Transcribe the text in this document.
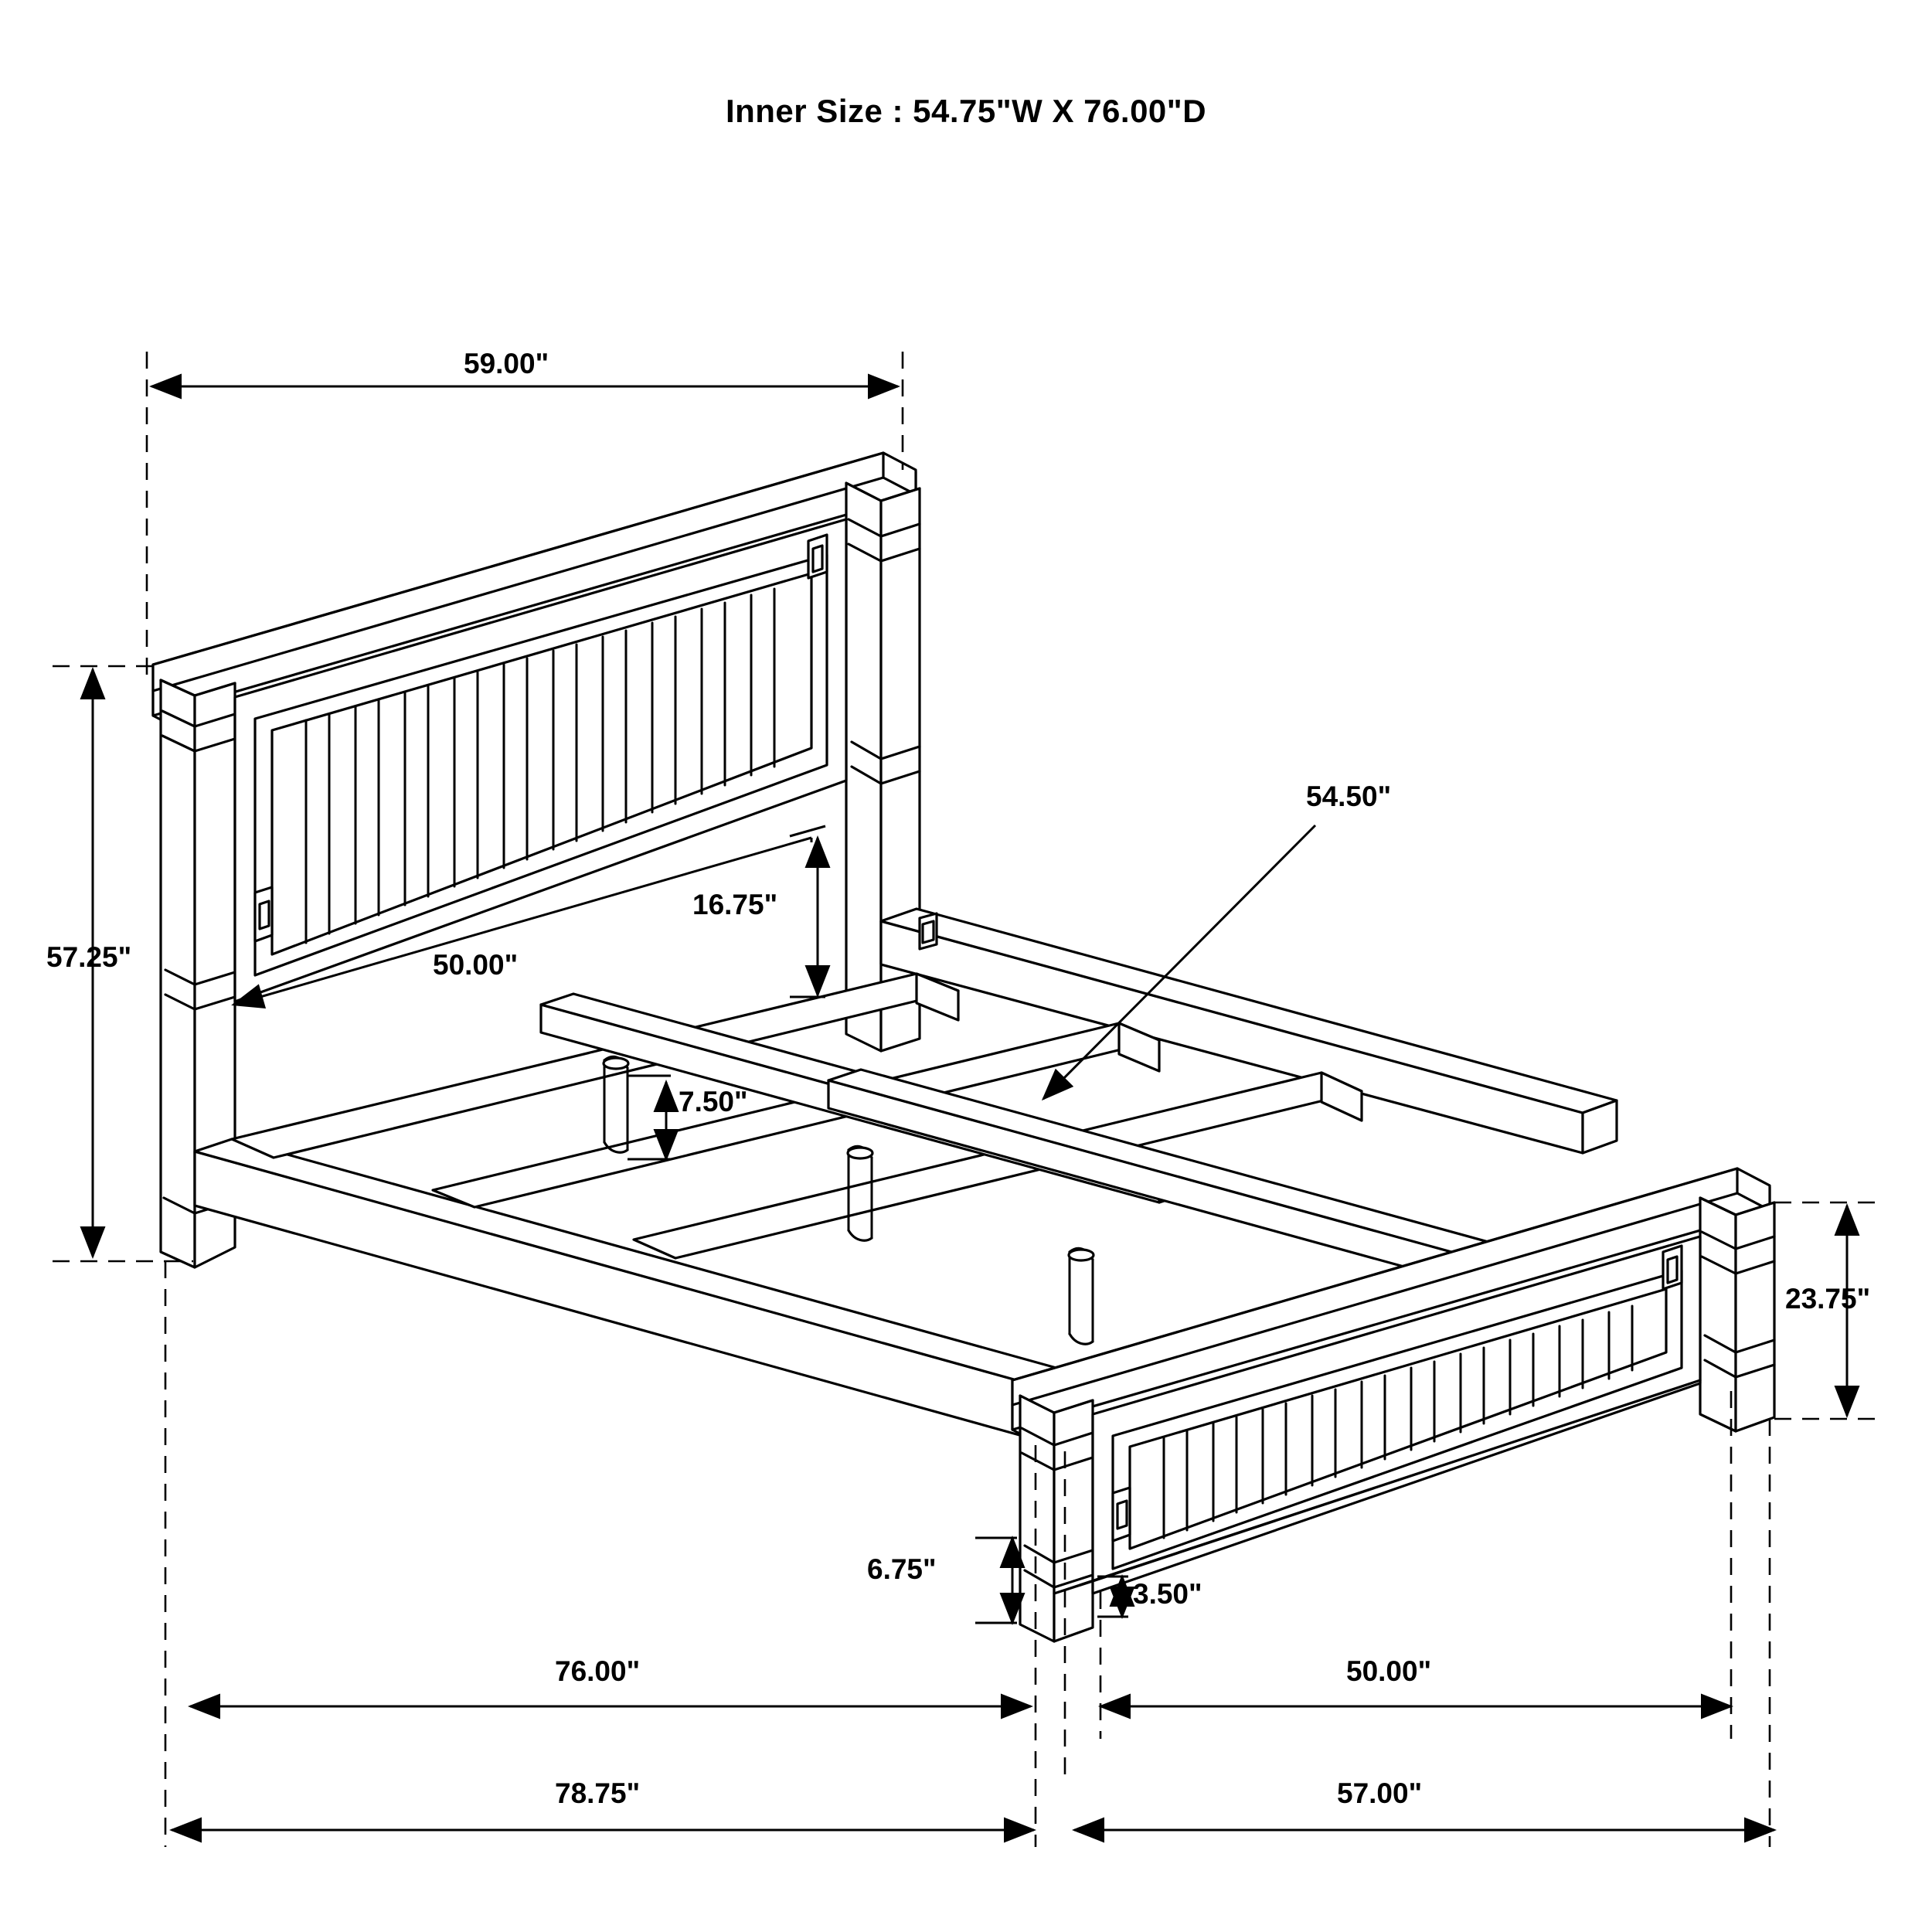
Inner Size : 54.75"W X 76.00"D
59.00"
57.25"	50.00"
16.75"
7.50"
54.50"
23.75"
6.75"
3.50"
76.00"	50.00"
78.75"	57.00"
